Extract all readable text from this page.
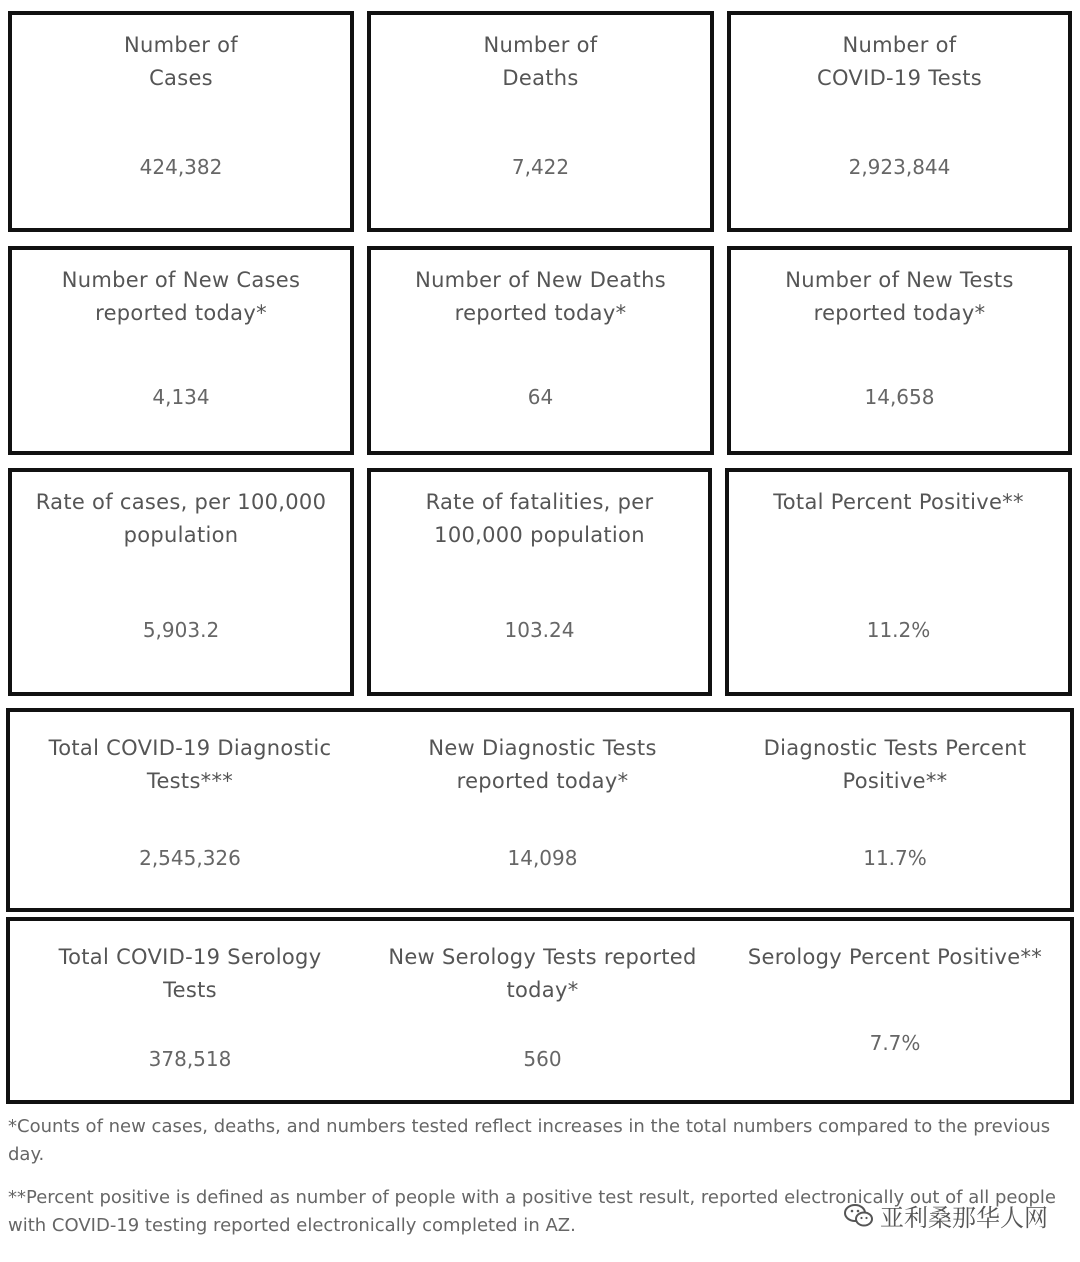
Number of
Cases
424,382
Number of
Deaths
7,422
Number of
COVID-19 Tests
2,923,844
Number of New Cases
reported today*
4,134
Number of New Deaths
reported today*
64
Number of New Tests
reported today*
14,658
Rate of cases, per 100,000
population
5,903.2
Rate of fatalities, per
100,000 population
103.24
Total Percent Positive**
11.2%
Total COVID-19 Diagnostic
Tests***
2,545,326
New Diagnostic Tests
reported today*
14,098
Diagnostic Tests Percent
Positive**
11.7%
Total COVID-19 Serology
Tests
378,518
New Serology Tests reported
today*
560
Serology Percent Positive**
7.7%
*Counts of new cases, deaths, and numbers tested reflect increases in the total numbers compared to the previous day.
**Percent positive is defined as number of people with a positive test result, reported electronically out of all people with COVID-19 testing reported electronically completed in AZ.	亚利桑那华人网
